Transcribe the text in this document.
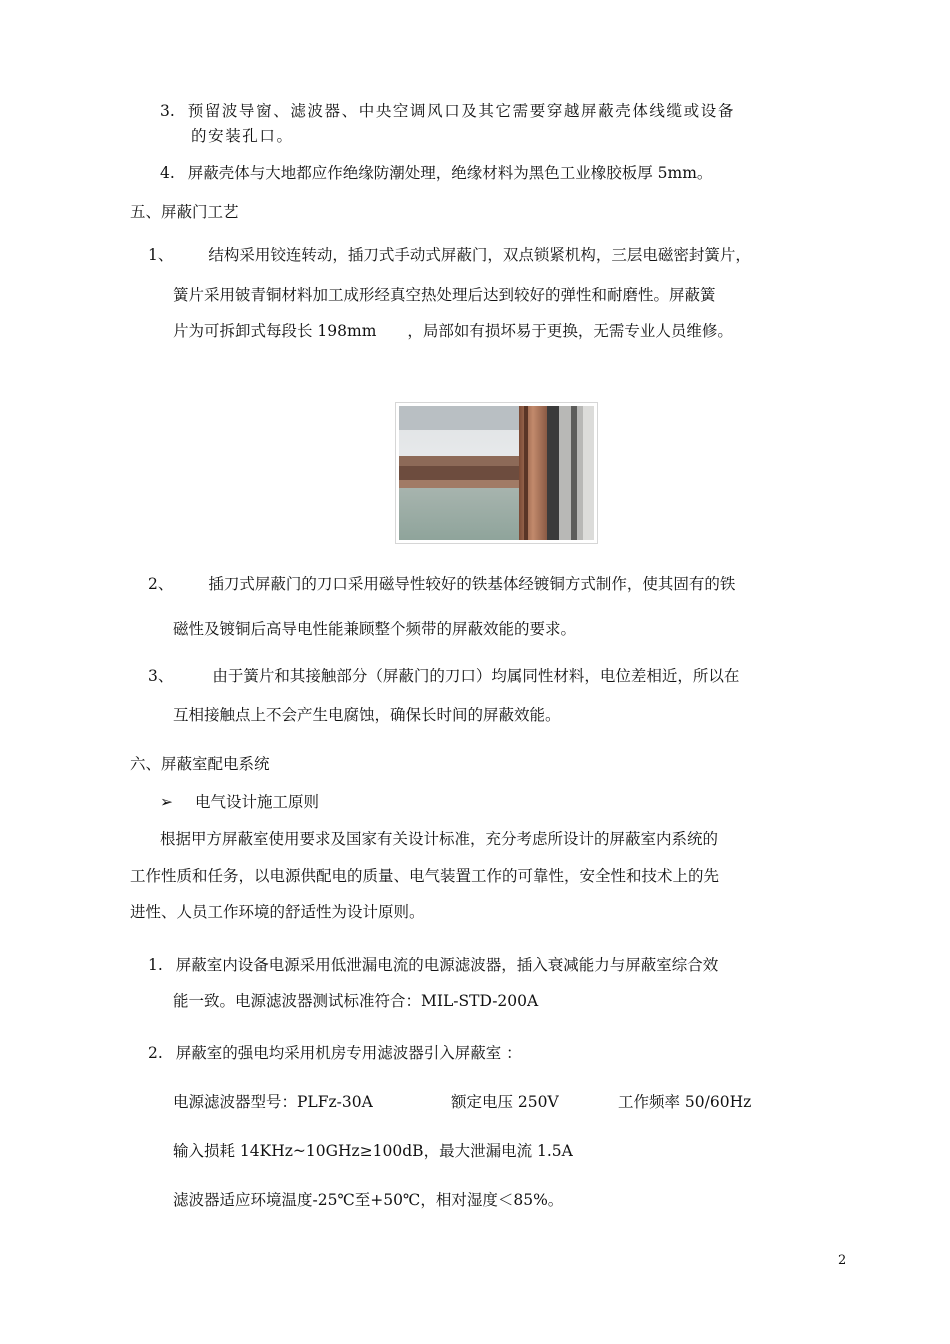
3. 预留波导窗、滤波器、中央空调风口及其它需要穿越屏蔽壳体线缆或设备
的安装孔口。
4. 屏蔽壳体与大地都应作绝缘防潮处理，绝缘材料为黑色工业橡胶板厚 5mm。
五、屏蔽门工艺
1、 结构采用铰连转动，插刀式手动式屏蔽门，双点锁紧机构，三层电磁密封簧片，
簧片采用铍青铜材料加工成形经真空热处理后达到较好的弹性和耐磨性。屏蔽簧
片为可拆卸式每段长 198mm　　，局部如有损坏易于更换，无需专业人员维修。
2、 插刀式屏蔽门的刀口采用磁导性较好的铁基体经镀铜方式制作，使其固有的铁
磁性及镀铜后高导电性能兼顾整个频带的屏蔽效能的要求。
3、	由于簧片和其接触部分（屏蔽门的刀口）均属同性材料，电位差相近，所以在
互相接触点上不会产生电腐蚀，确保长时间的屏蔽效能。
六、屏蔽室配电系统
➢ 电气设计施工原则
根据甲方屏蔽室使用要求及国家有关设计标准，充分考虑所设计的屏蔽室内系统的
工作性质和任务，以电源供配电的质量、电气装置工作的可靠性，安全性和技术上的先
进性、人员工作环境的舒适性为设计原则。
1. 屏蔽室内设备电源采用低泄漏电流的电源滤波器，插入衰减能力与屏蔽室综合效
能一致。电源滤波器测试标准符合：MIL-STD-200A
2. 屏蔽室的强电均采用机房专用滤波器引入屏蔽室 ：
电源滤波器型号：PLFz-30A	额定电压 250V	工作频率 50/60Hz
输入损耗 14KHz~10GHz≥100dB，最大泄漏电流 1.5A
滤波器适应环境温度-25℃至+50℃，相对湿度＜85%。
2
